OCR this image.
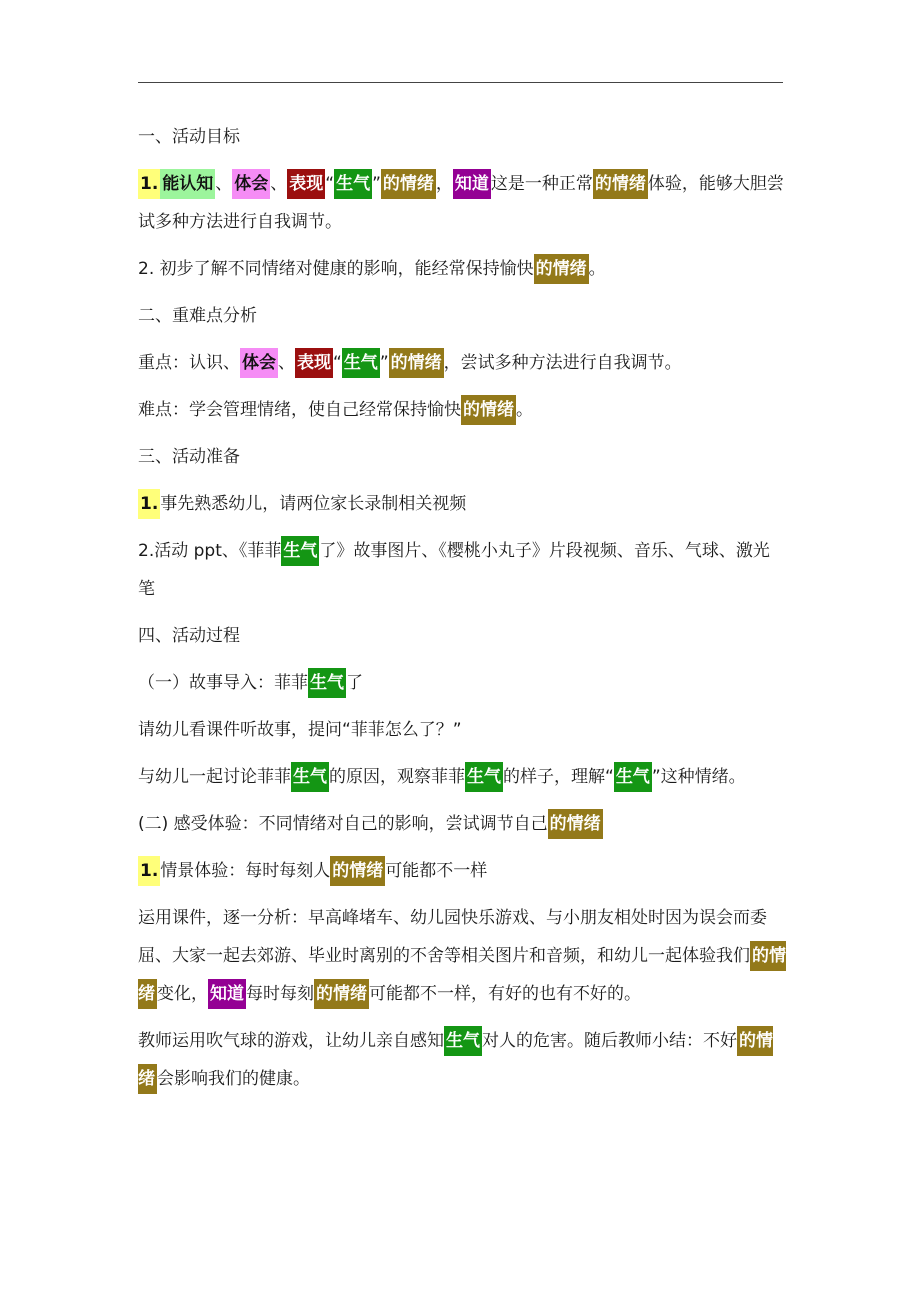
一、活动目标
1. 能认知 、 体会 、 表现 “ 生气 ” 的情绪 ， 知道 这是一种正常 的情绪 体验，能够大胆尝试多种方法进行自我调节。
2. 初步了解不同情绪对健康的影响，能经常保持愉快 的情绪 。
二、重难点分析
重点：认识、 体会 、 表现 “ 生气 ” 的情绪 ，尝试多种方法进行自我调节。
难点：学会管理情绪，使自己经常保持愉快 的情绪 。
三、活动准备
1. 事先熟悉幼儿，请两位家长录制相关视频
2.活动 ppt、《菲菲 生气 了》故事图片、《樱桃小丸子》片段视频、音乐、气球、激光笔
四、活动过程
（一）故事导入：菲菲 生气 了
请幼儿看课件听故事，提问“菲菲怎么了？”
与幼儿一起讨论菲菲 生气 的原因，观察菲菲 生气 的样子，理解“ 生气 ”这种情绪。
(二) 感受体验：不同情绪对自己的影响，尝试调节自己 的情绪
1. 情景体验：每时每刻人 的情绪 可能都不一样
运用课件，逐一分析：早高峰堵车、幼儿园快乐游戏、与小朋友相处时因为误会而委屈、大家一起去郊游、毕业时离别的不舍等相关图片和音频，和幼儿一起体验我们 的情绪 变化， 知道 每时每刻 的情绪 可能都不一样，有好的也有不好的。
教师运用吹气球的游戏，让幼儿亲自感知 生气 对人的危害。随后教师小结：不好 的情绪 会影响我们的健康。
